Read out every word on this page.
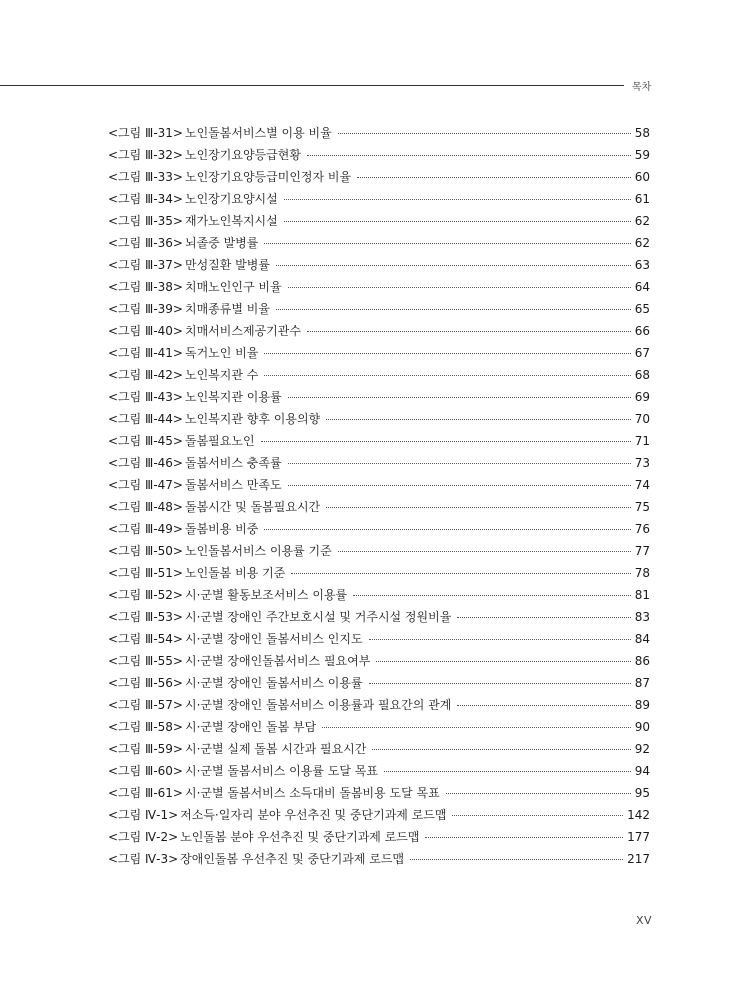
목차
<그림 Ⅲ-31> 노인돌봄서비스별 이용 비율	58
<그림 Ⅲ-32> 노인장기요양등급현황	59
<그림 Ⅲ-33> 노인장기요양등급미인정자 비율	60
<그림 Ⅲ-34> 노인장기요양시설	61
<그림 Ⅲ-35> 재가노인복지시설	62
<그림 Ⅲ-36> 뇌졸중 발병률	62
<그림 Ⅲ-37> 만성질환 발병률	63
<그림 Ⅲ-38> 치매노인인구 비율	64
<그림 Ⅲ-39> 치매종류별 비율	65
<그림 Ⅲ-40> 치매서비스제공기관수	66
<그림 Ⅲ-41> 독거노인 비율	67
<그림 Ⅲ-42> 노인복지관 수	68
<그림 Ⅲ-43> 노인복지관 이용률	69
<그림 Ⅲ-44> 노인복지관 향후 이용의향	70
<그림 Ⅲ-45> 돌봄필요노인	71
<그림 Ⅲ-46> 돌봄서비스 충족률	73
<그림 Ⅲ-47> 돌봄서비스 만족도	74
<그림 Ⅲ-48> 돌봄시간 및 돌봄필요시간	75
<그림 Ⅲ-49> 돌봄비용 비중	76
<그림 Ⅲ-50> 노인돌봄서비스 이용률 기준	77
<그림 Ⅲ-51> 노인돌봄 비용 기준	78
<그림 Ⅲ-52> 시·군별 활동보조서비스 이용률	81
<그림 Ⅲ-53> 시·군별 장애인 주간보호시설 및 거주시설 정원비율	83
<그림 Ⅲ-54> 시·군별 장애인 돌봄서비스 인지도	84
<그림 Ⅲ-55> 시·군별 장애인돌봄서비스 필요여부	86
<그림 Ⅲ-56> 시·군별 장애인 돌봄서비스 이용률	87
<그림 Ⅲ-57> 시·군별 장애인 돌봄서비스 이용률과 필요간의 관계	89
<그림 Ⅲ-58> 시·군별 장애인 돌봄 부담	90
<그림 Ⅲ-59> 시·군별 실제 돌봄 시간과 필요시간	92
<그림 Ⅲ-60> 시·군별 돌봄서비스 이용률 도달 목표	94
<그림 Ⅲ-61> 시·군별 돌봄서비스 소득대비 돌봄비용 도달 목표	95
<그림 Ⅳ-1> 저소득·일자리 분야 우선추진 및 중단기과제 로드맵	142
<그림 Ⅳ-2> 노인돌봄 분야 우선추진 및 중단기과제 로드맵	177
<그림 Ⅳ-3> 장애인돌봄 우선추진 및 중단기과제 로드맵	217
XV
